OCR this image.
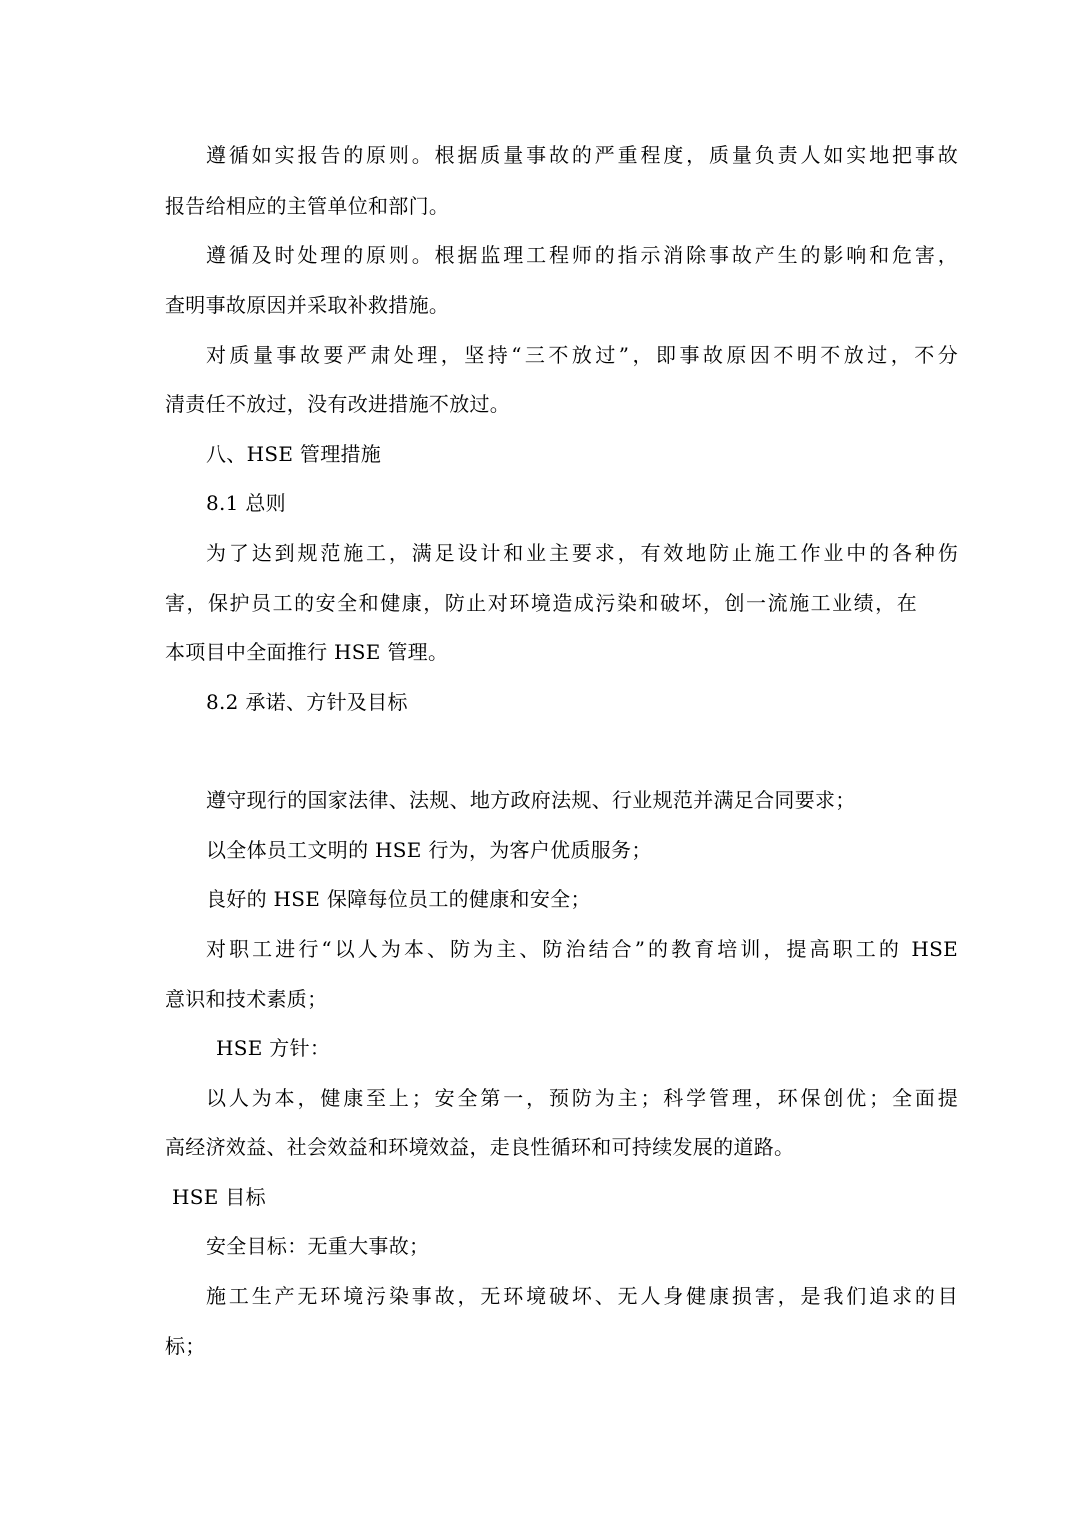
遵循如实报告的原则。根据质量事故的严重程度，质量负责人如实地把事故
报告给相应的主管单位和部门。
遵循及时处理的原则。根据监理工程师的指示消除事故产生的影响和危害，
查明事故原因并采取补救措施。
对质量事故要严肃处理，坚持“三不放过”，即事故原因不明不放过，不分
清责任不放过，没有改进措施不放过。
八、HSE 管理措施
8.1 总则
为了达到规范施工，满足设计和业主要求，有效地防止施工作业中的各种伤
害，保护员工的安全和健康，防止对环境造成污染和破坏，创一流施工业绩，在
本项目中全面推行 HSE 管理。
8.2 承诺、方针及目标
遵守现行的国家法律、法规、地方政府法规、行业规范并满足合同要求；
以全体员工文明的 HSE 行为，为客户优质服务；
良好的 HSE 保障每位员工的健康和安全；
对职工进行“以人为本、防为主、防治结合”的教育培训，提高职工的 HSE
意识和技术素质；
HSE 方针：
以人为本，健康至上；安全第一，预防为主；科学管理，环保创优；全面提
高经济效益、社会效益和环境效益，走良性循环和可持续发展的道路。
HSE 目标
安全目标：无重大事故；
施工生产无环境污染事故，无环境破坏、无人身健康损害，是我们追求的目
标；
